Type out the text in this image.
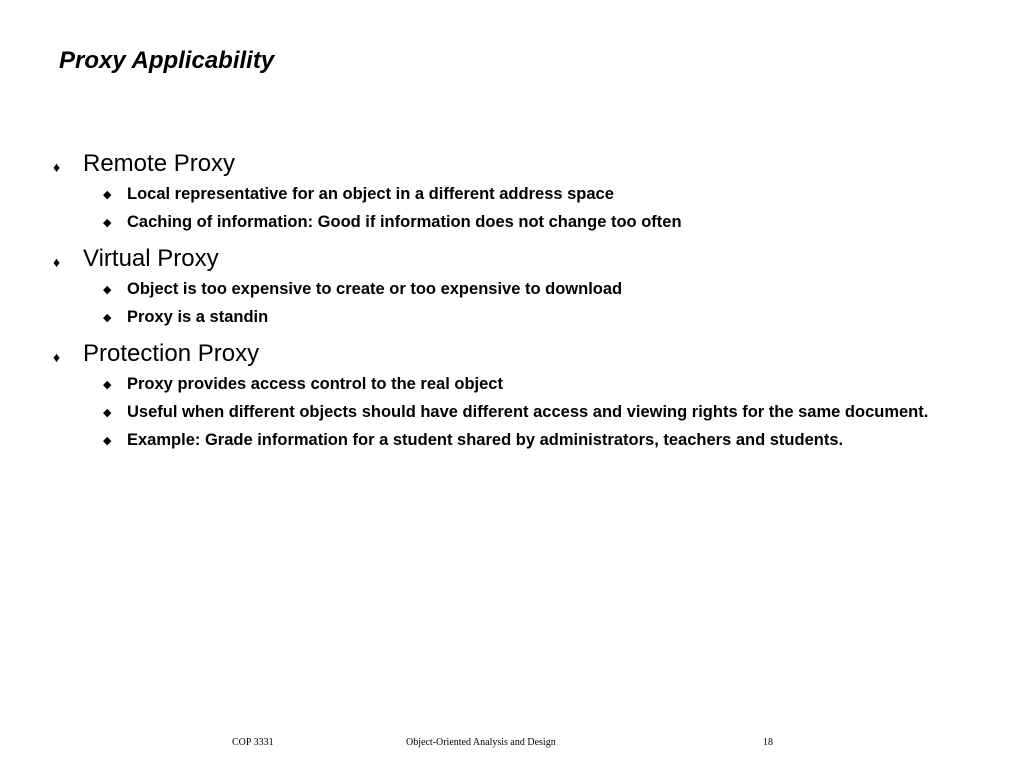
Proxy Applicability
♦ Remote Proxy
◆ Local representative for an object in a different address space
◆ Caching of information: Good if information does not change too often
♦ Virtual Proxy
◆ Object is too expensive to create or too expensive to download
◆ Proxy is a standin
♦ Protection Proxy
◆ Proxy provides access control to the real object
◆ Useful when different objects should have different access and viewing rights for the same document.
◆ Example: Grade information for a student shared by administrators, teachers and students.
COP 3331	Object-Oriented Analysis and Design	18
